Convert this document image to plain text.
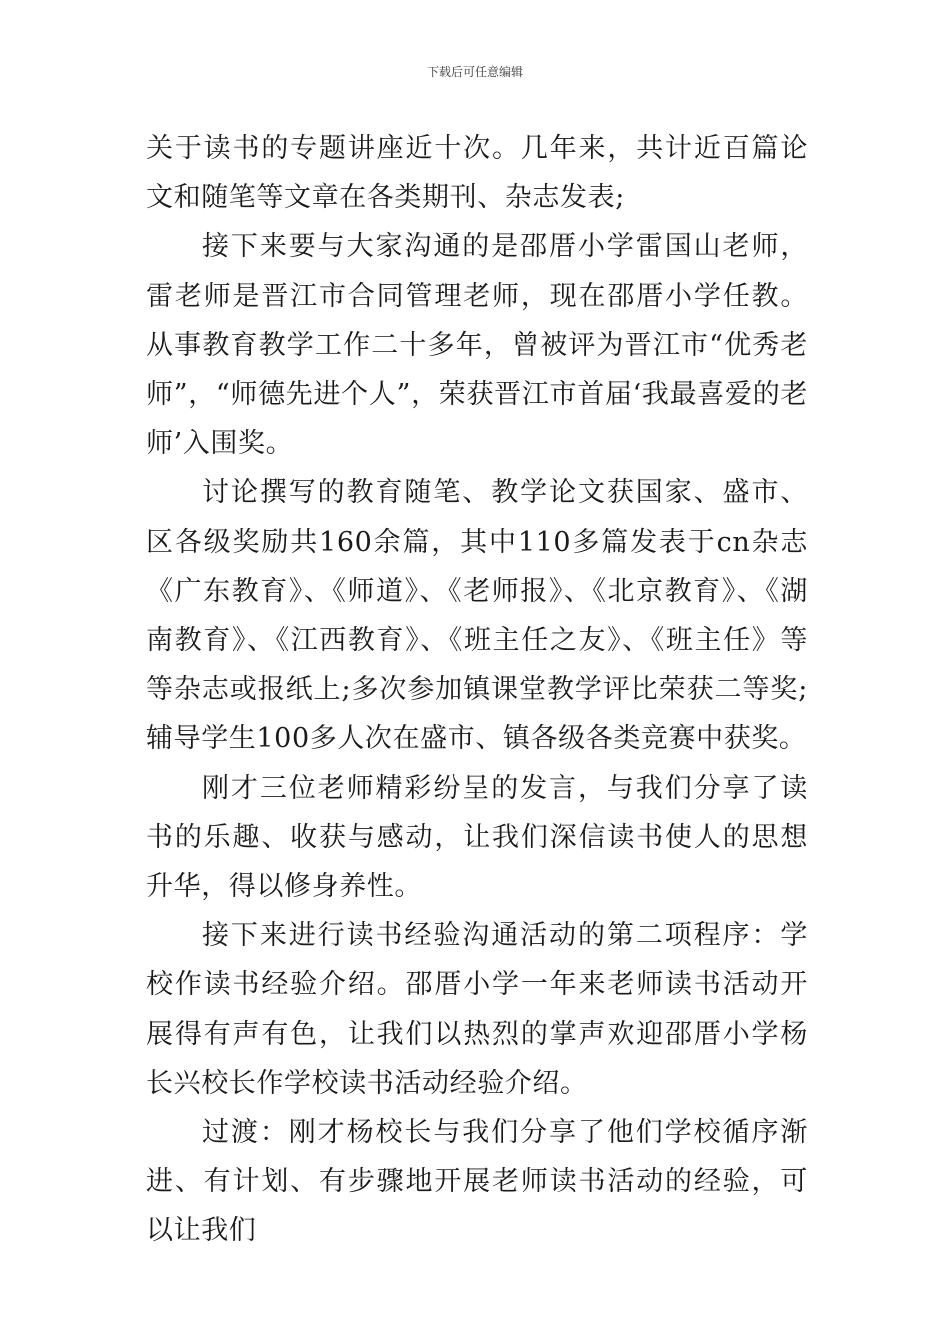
下载后可任意编辑

关于读书的专题讲座近十次。几年来，共计近百篇论文和随笔等文章在各类期刊、杂志发表;

接下来要与大家沟通的是邵厝小学雷国山老师，雷老师是晋江市合同管理老师，现在邵厝小学任教。从事教育教学工作二十多年，曾被评为晋江市“优秀老师”，“师德先进个人”，荣获晋江市首届‘我最喜爱的老师’入围奖。

讨论撰写的教育随笔、教学论文获国家、盛市、区各级奖励共160余篇，其中110多篇发表于cn杂志《广东教育》、《师道》、《老师报》、《北京教育》、《湖南教育》、《江西教育》、《班主任之友》、《班主任》等等杂志或报纸上;多次参加镇课堂教学评比荣获二等奖;辅导学生100多人次在盛市、镇各级各类竞赛中获奖。

刚才三位老师精彩纷呈的发言，与我们分享了读书的乐趣、收获与感动，让我们深信读书使人的思想升华，得以修身养性。

接下来进行读书经验沟通活动的第二项程序：学校作读书经验介绍。邵厝小学一年来老师读书活动开展得有声有色，让我们以热烈的掌声欢迎邵厝小学杨长兴校长作学校读书活动经验介绍。

过渡：刚才杨校长与我们分享了他们学校循序渐进、有计划、有步骤地开展老师读书活动的经验，可以让我们
